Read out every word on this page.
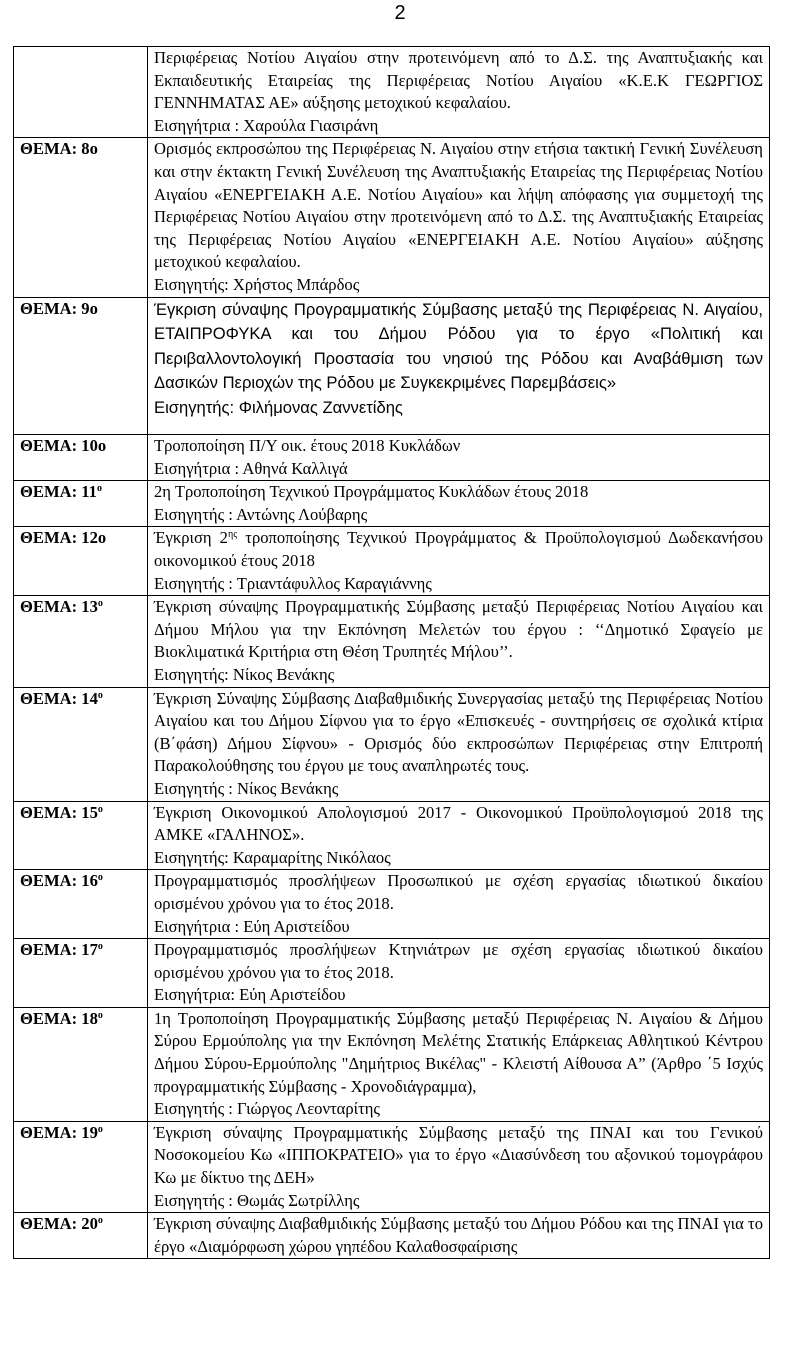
2
	Περιφέρειας Νοτίου Αιγαίου στην προτεινόμενη από το Δ.Σ. της Αναπτυξιακής και Εκπαιδευτικής Εταιρείας της Περιφέρειας Νοτίου Αιγαίου «Κ.Ε.Κ ΓΕΩΡΓΙΟΣ ΓΕΝΝΗΜΑΤΑΣ ΑΕ» αύξησης μετοχικού κεφαλαίου.
Εισηγήτρια : Χαρούλα Γιασιράνη

ΘΕΜΑ: 8ο	Ορισμός εκπροσώπου της Περιφέρειας Ν. Αιγαίου στην ετήσια τακτική Γενική Συνέλευση και στην έκτακτη Γενική Συνέλευση της Αναπτυξιακής Εταιρείας της Περιφέρειας Νοτίου Αιγαίου «ΕΝΕΡΓΕΙΑΚΗ Α.Ε. Νοτίου Αιγαίου» και λήψη απόφασης για συμμετοχή της Περιφέρειας Νοτίου Αιγαίου στην προτεινόμενη από το Δ.Σ. της Αναπτυξιακής Εταιρείας της Περιφέρειας Νοτίου Αιγαίου «ΕΝΕΡΓΕΙΑΚΗ Α.Ε. Νοτίου Αιγαίου» αύξησης μετοχικού κεφαλαίου.
Εισηγητής: Χρήστος Μπάρδος

ΘΕΜΑ: 9ο	Έγκριση σύναψης Προγραμματικής Σύμβασης μεταξύ της Περιφέρειας Ν. Αιγαίου, ΕΤΑΙΠΡΟΦΥΚΑ και του Δήμου Ρόδου για το έργο «Πολιτική και Περιβαλλοντολογική Προστασία του νησιού της Ρόδου και Αναβάθμιση των Δασικών Περιοχών της Ρόδου με Συγκεκριμένες Παρεμβάσεις»
Εισηγητής: Φιλήμονας Ζαννετίδης

ΘΕΜΑ: 10ο	Τροποποίηση Π/Υ οικ. έτους 2018 Κυκλάδων
Εισηγήτρια : Αθηνά Καλλιγά

ΘΕΜΑ: $11^o$	2η Τροποποίηση Τεχνικού Προγράμματος Κυκλάδων έτους 2018
Εισηγητής : Αντώνης Λούβαρης

ΘΕΜΑ: 12ο	Έγκριση $2^{\eta\varsigma}$ τροποποίησης Τεχνικού Προγράμματος & Προϋπολογισμού Δωδεκανήσου οικονομικού έτους 2018
Εισηγητής : Τριαντάφυλλος Καραγιάννης

ΘΕΜΑ: $13^o$	Έγκριση σύναψης Προγραμματικής Σύμβασης μεταξύ Περιφέρειας Νοτίου Αιγαίου και Δήμου Μήλου για την Εκπόνηση Μελετών του έργου : ‘‘Δημοτικό Σφαγείο με Βιοκλιματικά Κριτήρια στη Θέση Τρυπητές Μήλου’’.
Εισηγητής: Νίκος Βενάκης

ΘΕΜΑ: $14^o$	Έγκριση Σύναψης Σύμβασης Διαβαθμιδικής Συνεργασίας μεταξύ της Περιφέρειας Νοτίου Αιγαίου και του Δήμου Σίφνου για το έργο «Επισκευές - συντηρήσεις σε σχολικά κτίρια (Β΄φάση) Δήμου Σίφνου» - Ορισμός δύο εκπροσώπων Περιφέρειας στην Επιτροπή Παρακολούθησης του έργου με τους αναπληρωτές τους.
Εισηγητής : Νίκος Βενάκης

ΘΕΜΑ: $15^o$	Έγκριση Οικονομικού Απολογισμού 2017 - Οικονομικού Προϋπολογισμού 2018 της ΑΜΚΕ «ΓΑΛΗΝΟΣ».
Εισηγητής: Καραμαρίτης Νικόλαος

ΘΕΜΑ: $16^o$	Προγραμματισμός προσλήψεων Προσωπικού με σχέση εργασίας ιδιωτικού δικαίου ορισμένου χρόνου για το έτος 2018.
Εισηγήτρια : Εύη Αριστείδου

ΘΕΜΑ: $17^o$	Προγραμματισμός προσλήψεων Κτηνιάτρων με σχέση εργασίας ιδιωτικού δικαίου ορισμένου χρόνου για το έτος 2018.
Εισηγήτρια: Εύη Αριστείδου

ΘΕΜΑ: $18^o$	1η Τροποποίηση Προγραμματικής Σύμβασης μεταξύ Περιφέρειας Ν. Αιγαίου & Δήμου Σύρου Ερμούπολης για την Εκπόνηση Μελέτης Στατικής Επάρκειας Αθλητικού Κέντρου Δήμου Σύρου-Ερμούπολης "Δημήτριος Βικέλας" - Κλειστή Αίθουσα Α” (Άρθρο ΄5 Ισχύς προγραμματικής Σύμβασης - Χρονοδιάγραμμα),
Εισηγητής : Γιώργος Λεονταρίτης

ΘΕΜΑ: $19^o$	Έγκριση σύναψης Προγραμματικής Σύμβασης μεταξύ της ΠΝΑΙ και του Γενικού Νοσοκομείου Κω «ΙΠΠΟΚΡΑΤΕΙΟ» για το έργο «Διασύνδεση του αξονικού τομογράφου Κω με δίκτυο της ΔΕΗ»
Εισηγητής : Θωμάς Σωτρίλλης

ΘΕΜΑ: $20^o$	Έγκριση σύναψης Διαβαθμιδικής Σύμβασης μεταξύ του Δήμου Ρόδου και της ΠΝΑΙ για το έργο «Διαμόρφωση χώρου γηπέδου Καλαθοσφαίρισης
